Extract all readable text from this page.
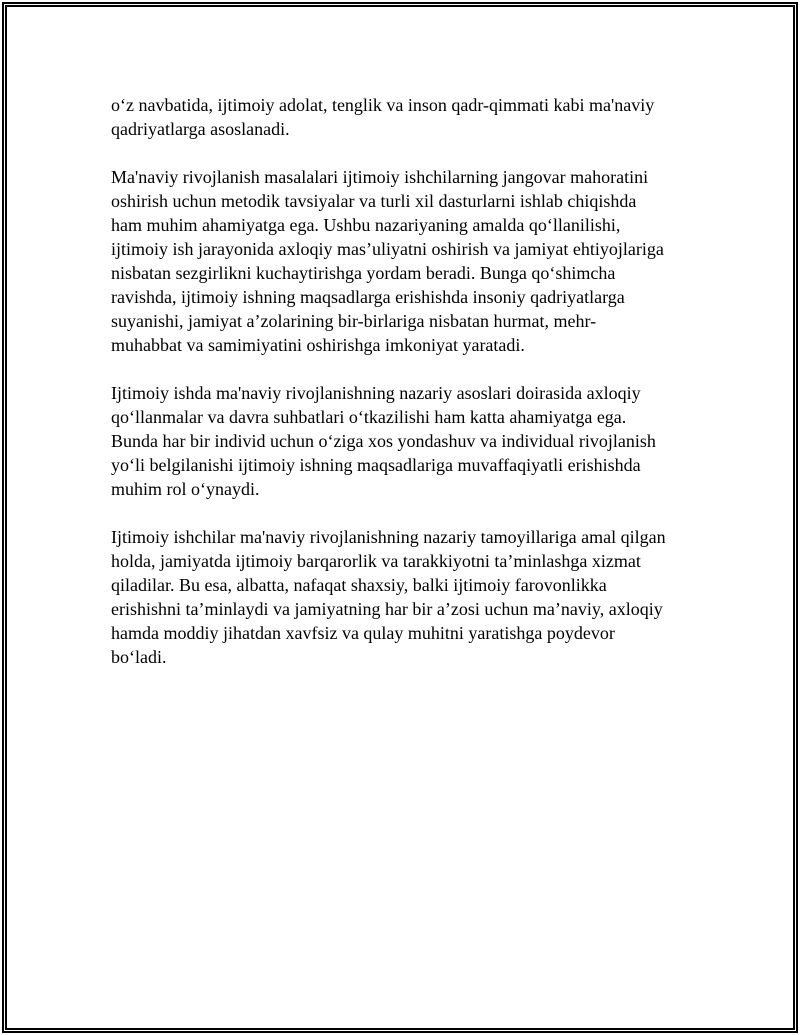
o‘z navbatida, ijtimoiy adolat, tenglik va inson qadr-qimmati kabi ma'naviy
qadriyatlarga asoslanadi.

Ma'naviy rivojlanish masalalari ijtimoiy ishchilarning jangovar mahoratini
oshirish uchun metodik tavsiyalar va turli xil dasturlarni ishlab chiqishda
ham muhim ahamiyatga ega. Ushbu nazariyaning amalda qo‘llanilishi,
ijtimoiy ish jarayonida axloqiy mas’uliyatni oshirish va jamiyat ehtiyojlariga
nisbatan sezgirlikni kuchaytirishga yordam beradi. Bunga qo‘shimcha
ravishda, ijtimoiy ishning maqsadlarga erishishda insoniy qadriyatlarga
suyanishi, jamiyat a’zolarining bir-birlariga nisbatan hurmat, mehr-
muhabbat va samimiyatini oshirishga imkoniyat yaratadi.

Ijtimoiy ishda ma'naviy rivojlanishning nazariy asoslari doirasida axloqiy
qo‘llanmalar va davra suhbatlari o‘tkazilishi ham katta ahamiyatga ega.
Bunda har bir individ uchun o‘ziga xos yondashuv va individual rivojlanish
yo‘li belgilanishi ijtimoiy ishning maqsadlariga muvaffaqiyatli erishishda
muhim rol o‘ynaydi.

Ijtimoiy ishchilar ma'naviy rivojlanishning nazariy tamoyillariga amal qilgan
holda, jamiyatda ijtimoiy barqarorlik va tarakkiyotni ta’minlashga xizmat
qiladilar. Bu esa, albatta, nafaqat shaxsiy, balki ijtimoiy farovonlikka
erishishni ta’minlaydi va jamiyatning har bir a’zosi uchun ma’naviy, axloqiy
hamda moddiy jihatdan xavfsiz va qulay muhitni yaratishga poydevor
bo‘ladi.
